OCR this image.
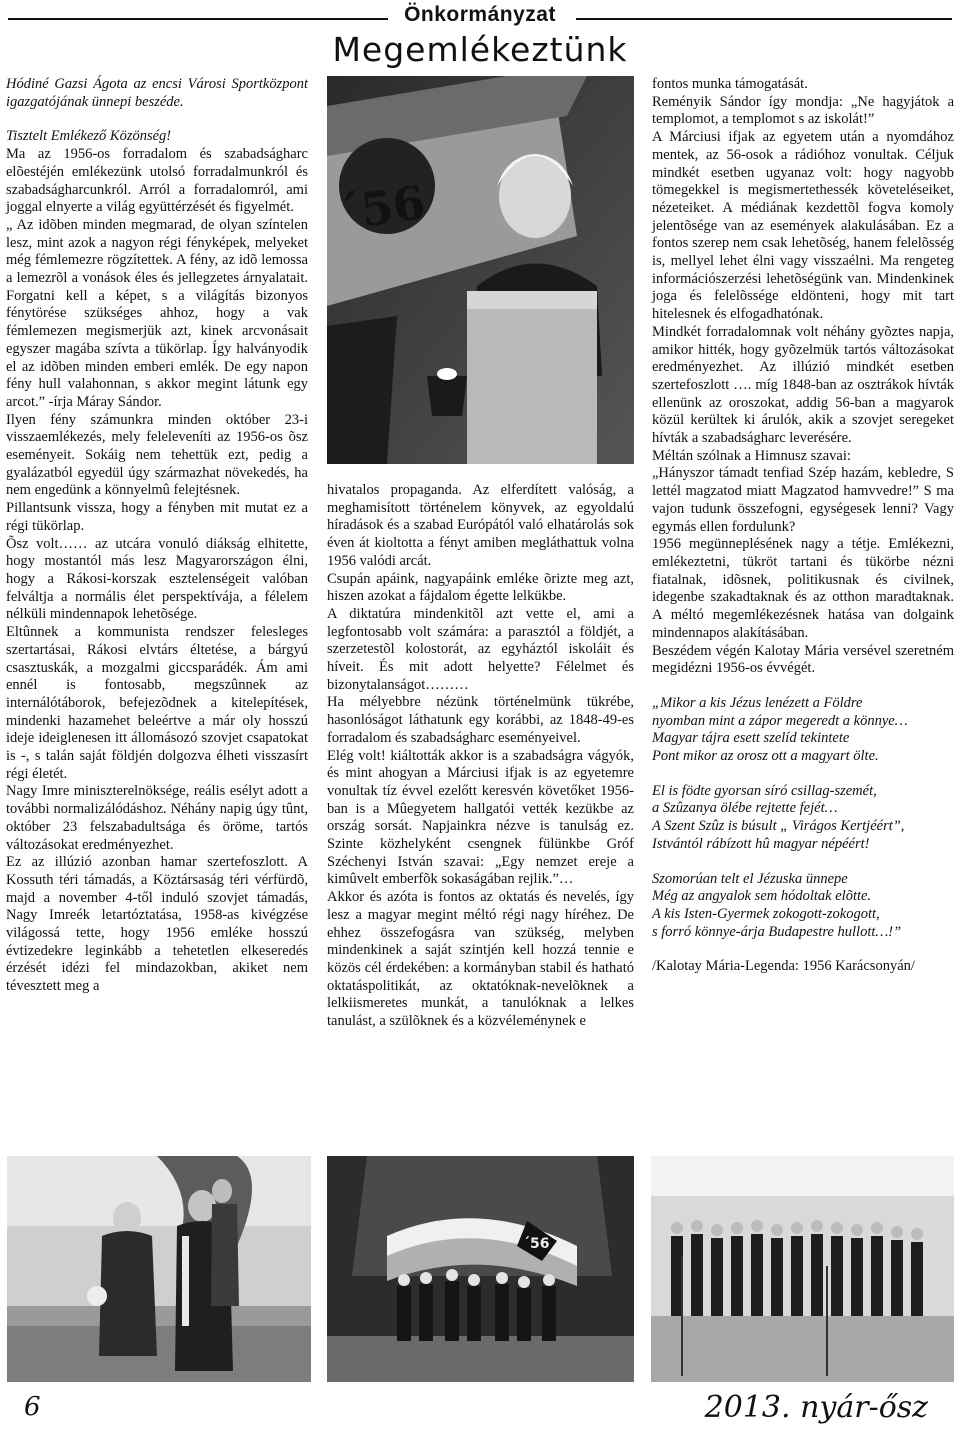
Önkormányzat
Megemlékeztünk

Hódiné Gazsi Ágota az encsi Városi Sportközpont igazgatójának ünnepi beszéde.

Tisztelt Emlékező Közönség!

Ma az 1956-os forradalom és szabadságharc elõestéjén emlékezünk utolsó forradalmunkról és szabadságharcunkról. Arról a forradalomról, ami joggal elnyerte a világ együttérzését és figyelmét.

„ Az idõben minden megmarad, de olyan színtelen lesz, mint azok a nagyon régi fényképek, melyeket még fémlemezre rögzítettek. A fény, az idõ lemossa a lemezrõl a vonások éles és jellegzetes árnyalatait. Forgatni kell a képet, s a világítás bizonyos fénytörése szükséges ahhoz, hogy a vak fémlemezen megismerjük azt, kinek arcvonásait egyszer magába szívta a tükörlap. Így halványodik el az idõben minden emberi emlék. De egy napon fény hull valahonnan, s akkor megint látunk egy arcot.” -írja Máray Sándor.

Ilyen fény számunkra minden október 23-i visszaemlékezés, mely feleleveníti az 1956-os õsz eseményeit. Sokáig nem tehettük ezt, pedig a gyalázatból egyedül úgy származhat növekedés, ha nem engedünk a könnyelmû felejtésnek.

Pillantsunk vissza, hogy a fényben mit mutat ez a régi tükörlap.

Õsz volt…… az utcára vonuló diákság elhitette, hogy mostantól más lesz Magyarországon élni, hogy a Rákosi-korszak esztelenségeit valóban felváltja a normális élet perspektívája, a félelem nélküli mindennapok lehetõsége.

Eltûnnek a kommunista rendszer felesleges szertartásai, Rákosi elvtárs éltetése, a bárgyú csasztuskák, a mozgalmi giccsparádék. Ám ami ennél is fontosabb, megszûnnek az internálótáborok, befejezõdnek a kitelepítések, mindenki hazamehet beleértve a már oly hosszú ideje ideiglenesen itt állomásozó szovjet csapatokat is -, s talán saját földjén dolgozva élheti visszasírt régi életét.

Nagy Imre miniszterelnöksége, reális esélyt adott a további normalizálódáshoz. Néhány napig úgy tûnt, október 23 felszabadultsága és öröme, tartós változásokat eredményezhet.

Ez az illúzió azonban hamar szertefoszlott. A Kossuth téri támadás, a Köztársaság téri vérfürdõ, majd a november 4-től induló szovjet támadás, Nagy Imreék letartóztatása, 1958-as kivégzése világossá tette, hogy 1956 emléke hosszú évtizedekre leginkább a tehetetlen elkeseredés érzését idézi fel mindazokban, akiket nem tévesztett meg a

´56

hivatalos propaganda. Az elferdített valóság, a meghamisított történelem könyvek, az egyoldalú híradások és a szabad Európától való elhatárolás sok éven át kioltotta a fényt amiben megláthattuk volna 1956 valódi arcát.

Csupán apáink, nagyapáink emléke õrizte meg azt, hiszen azokat a fájdalom égette lelkükbe.

A diktatúra mindenkitõl azt vette el, ami a legfontosabb volt számára: a parasztól a földjét, a szerzetestõl kolostorát, az egyháztól iskoláit és híveit. És mit adott helyette? Félelmet és bizonytalanságot………

Ha mélyebbre nézünk történelmünk tükrébe, hasonlóságot láthatunk egy korábbi, az 1848-49-es forradalom és szabadságharc eseményeivel.

Elég volt! kiáltották akkor is a szabadságra vágyók, és mint ahogyan a Márciusi ifjak is az egyetemre vonultak tíz évvel ezelőtt keresvén követőket 1956-ban is a Mûegyetem hallgatói vették kezükbe az ország sorsát. Napjainkra nézve is tanulság ez. Szinte közhelyként csengnek fülünkbe Gróf Széchenyi István szavai: „Egy nemzet ereje a kimûvelt emberfõk sokaságában rejlik.”…

Akkor és azóta is fontos az oktatás és nevelés, így lesz a magyar megint méltó régi nagy híréhez. De ehhez összefogásra van szükség, melyben mindenkinek a saját szintjén kell hozzá tennie e közös cél érdekében: a kormányban stabil és hatható oktatáspolitikát, az oktatóknak-nevelõknek a lelkiismeretes munkát, a tanulóknak a lelkes tanulást, a szülõknek és a közvéleménynek e

fontos munka támogatását.

Reményik Sándor így mondja: „Ne hagyjátok a templomot, a templomot s az iskolát!”

A Márciusi ifjak az egyetem után a nyomdához mentek, az 56-osok a rádióhoz vonultak. Céljuk mindkét esetben ugyanaz volt: hogy nagyobb tömegekkel is megismertethessék követeléseiket, nézeteiket. A médiának kezdettõl fogva komoly jelentõsége van az események alakulásában. Ez a fontos szerep nem csak lehetõség, hanem felelõsség is, mellyel lehet élni vagy visszaélni. Ma rengeteg információszerzési lehetõségünk van. Mindenkinek joga és felelõssége eldönteni, hogy mit tart hitelesnek és elfogadhatónak.

Mindkét forradalomnak volt néhány gyõztes napja, amikor hitték, hogy gyõzelmük tartós változásokat eredményezhet. Az illúzió mindkét esetben szertefoszlott …. míg 1848-ban az osztrákok hívták ellenünk az oroszokat, addig 56-ban a magyarok közül kerültek ki árulók, akik a szovjet seregeket hívták a szabadságharc leverésére.

Méltán szólnak a Himnusz szavai:

„Hányszor támadt tenfiad Szép hazám, kebledre, S lettél magzatod miatt Magzatod hamvvedre!” S ma vajon tudunk összefogni, egységesek lenni? Vagy egymás ellen fordulunk?

1956 megünneplésének nagy a tétje. Emlékezni, emlékeztetni, tükröt tartani és tükörbe nézni fiatalnak, idõsnek, politikusnak és civilnek, idegenbe szakadtaknak és az otthon maradtaknak. A méltó megemlékezésnek hatása van dolgaink mindennapos alakításában.

Beszédem végén Kalotay Mária versével szeretném megidézni 1956-os évvégét.

„Mikor a kis Jézus lenézett a Földre

nyomban mint a zápor megeredt a könnye…

Magyar tájra esett szelíd tekintete

Pont mikor az orosz ott a magyart ölte.

El is födte gyorsan síró csillag-szemét,

a Szûzanya ölébe rejtette fejét…

A Szent Szûz is búsult „ Virágos Kertjéért”,

Istvántól rábízott hû magyar népéért!

Szomorúan telt el Jézuska ünnepe

Még az angyalok sem hódoltak elõtte.

A kis Isten-Gyermek zokogott-zokogott,

s forró könnye-árja Budapestre hullott…!”

/Kalotay Mária-Legenda: 1956 Karácsonyán/

´56
6	2013. nyár-ősz
